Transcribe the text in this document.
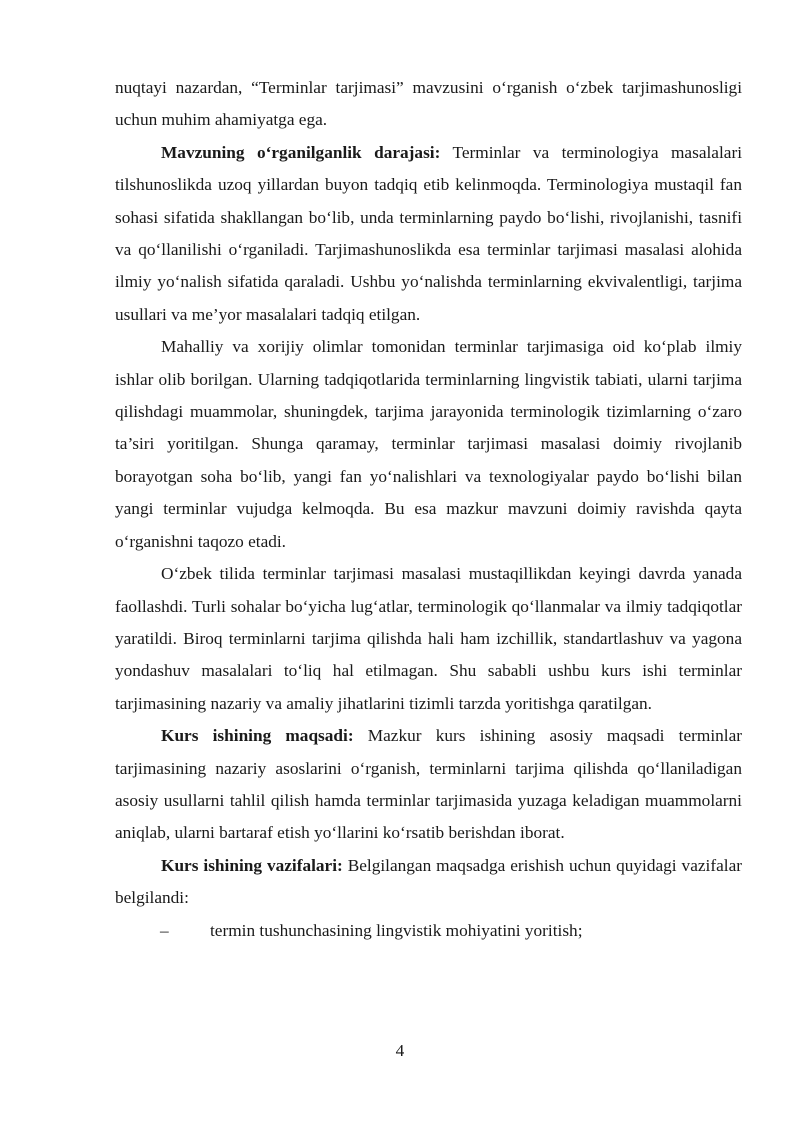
nuqtayi nazardan, “Terminlar tarjimasi” mavzusini o‘rganish o‘zbek tarjimashunosligi uchun muhim ahamiyatga ega.

Mavzuning o‘rganilganlik darajasi: Terminlar va terminologiya masalalari tilshunoslikda uzoq yillardan buyon tadqiq etib kelinmoqda. Terminologiya mustaqil fan sohasi sifatida shakllangan bo‘lib, unda terminlarning paydo bo‘lishi, rivojlanishi, tasnifi va qo‘llanilishi o‘rganiladi. Tarjimashunoslikda esa terminlar tarjimasi masalasi alohida ilmiy yo‘nalish sifatida qaraladi. Ushbu yo‘nalishda terminlarning ekvivalentligi, tarjima usullari va me’yor masalalari tadqiq etilgan.

Mahalliy va xorijiy olimlar tomonidan terminlar tarjimasiga oid ko‘plab ilmiy ishlar olib borilgan. Ularning tadqiqotlarida terminlarning lingvistik tabiati, ularni tarjima qilishdagi muammolar, shuningdek, tarjima jarayonida terminologik tizimlarning o‘zaro ta’siri yoritilgan. Shunga qaramay, terminlar tarjimasi masalasi doimiy rivojlanib borayotgan soha bo‘lib, yangi fan yo‘nalishlari va texnologiyalar paydo bo‘lishi bilan yangi terminlar vujudga kelmoqda. Bu esa mazkur mavzuni doimiy ravishda qayta o‘rganishni taqozo etadi.

O‘zbek tilida terminlar tarjimasi masalasi mustaqillikdan keyingi davrda yanada faollashdi. Turli sohalar bo‘yicha lug‘atlar, terminologik qo‘llanmalar va ilmiy tadqiqotlar yaratildi. Biroq terminlarni tarjima qilishda hali ham izchillik, standartlashuv va yagona yondashuv masalalari to‘liq hal etilmagan. Shu sababli ushbu kurs ishi terminlar tarjimasining nazariy va amaliy jihatlarini tizimli tarzda yoritishga qaratilgan.

Kurs ishining maqsadi: Mazkur kurs ishining asosiy maqsadi terminlar tarjimasining nazariy asoslarini o‘rganish, terminlarni tarjima qilishda qo‘llaniladigan asosiy usullarni tahlil qilish hamda terminlar tarjimasida yuzaga keladigan muammolarni aniqlab, ularni bartaraf etish yo‘llarini ko‘rsatib berishdan iborat.

Kurs ishining vazifalari: Belgilangan maqsadga erishish uchun quyidagi vazifalar belgilandi:

– termin tushunchasining lingvistik mohiyatini yoritish;

4
